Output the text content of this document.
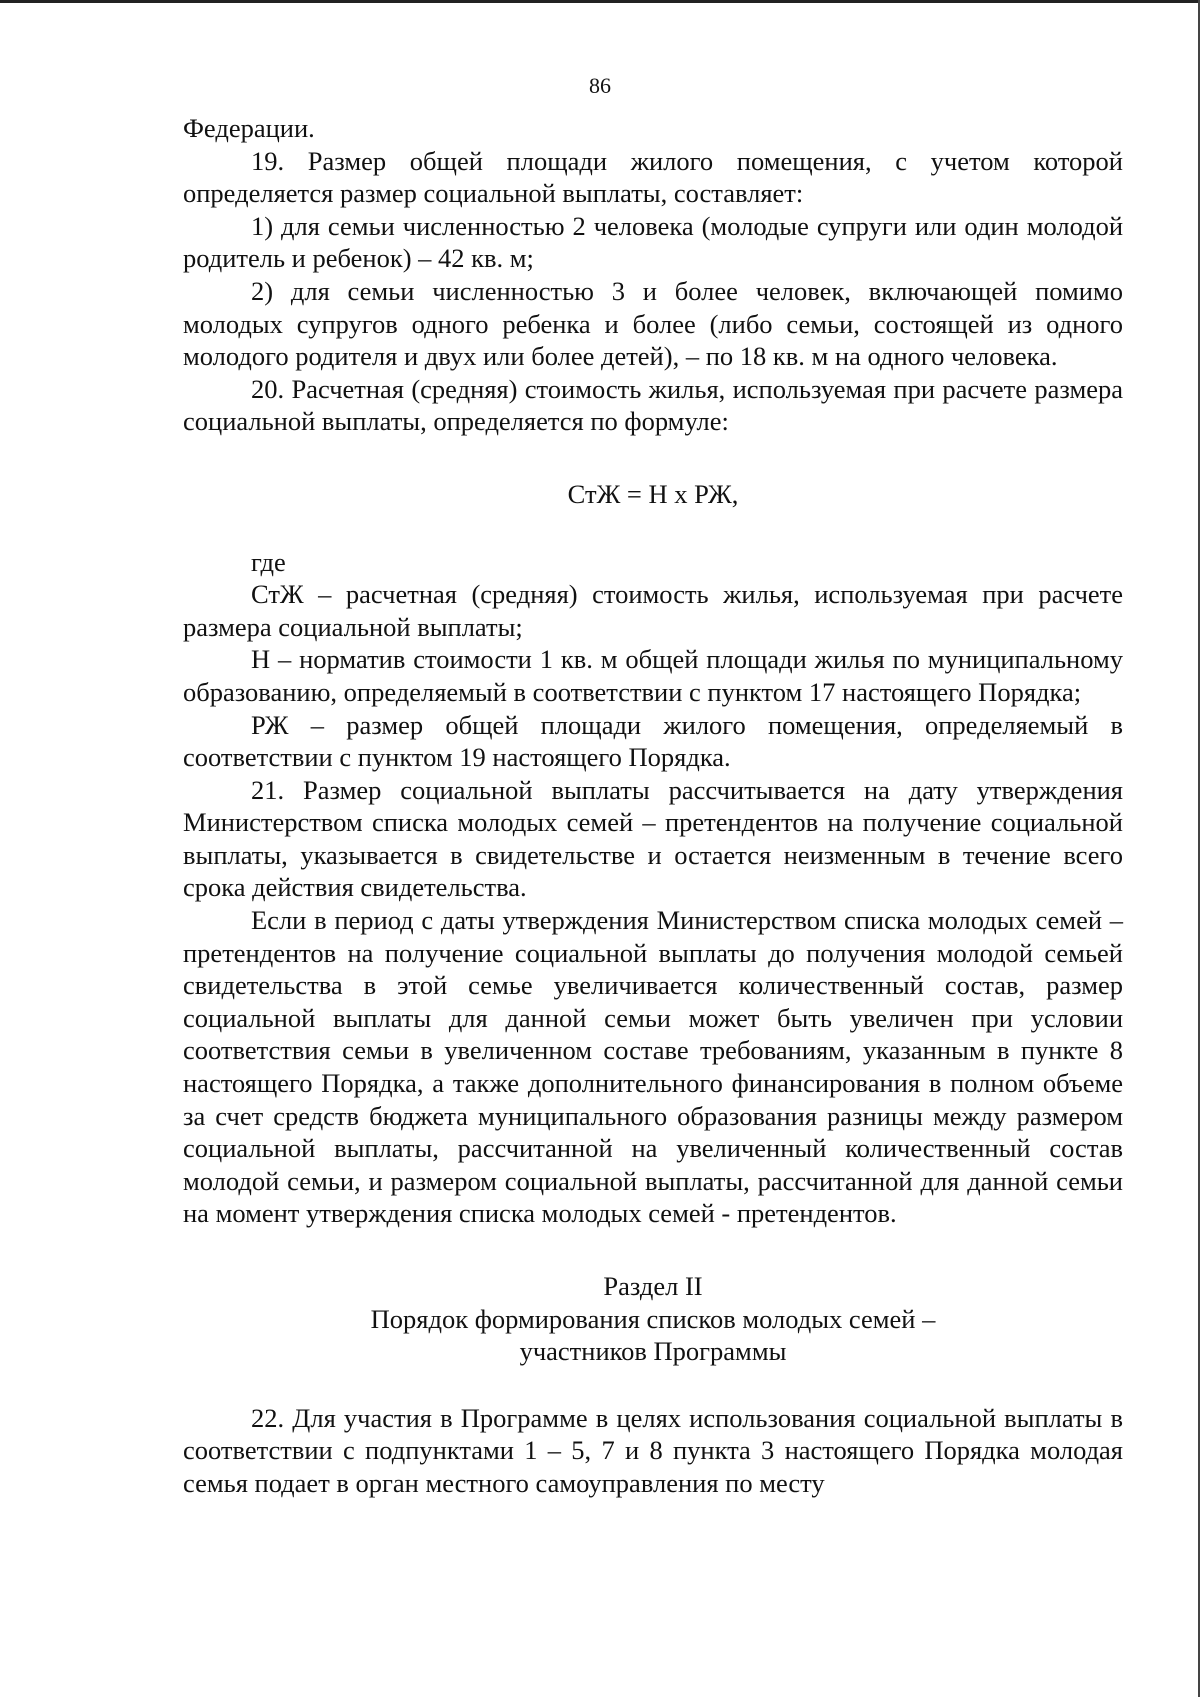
86

Федерации.

19. Размер общей площади жилого помещения, с учетом которой определяется размер социальной выплаты, составляет:

1) для семьи численностью 2 человека (молодые супруги или один молодой родитель и ребенок) – 42 кв. м;

2) для семьи численностью 3 и более человек, включающей помимо молодых супругов одного ребенка и более (либо семьи, состоящей из одного молодого родителя и двух или более детей), – по 18 кв. м на одного человека.

20. Расчетная (средняя) стоимость жилья, используемая при расчете размера социальной выплаты, определяется по формуле:

СтЖ = Н х РЖ,

где

СтЖ – расчетная (средняя) стоимость жилья, используемая при расчете размера социальной выплаты;

Н – норматив стоимости 1 кв. м общей площади жилья по муниципальному образованию, определяемый в соответствии с пунктом 17 настоящего Порядка;

РЖ – размер общей площади жилого помещения, определяемый в соответствии с пунктом 19 настоящего Порядка.

21. Размер социальной выплаты рассчитывается на дату утверждения Министерством списка молодых семей – претендентов на получение социальной выплаты, указывается в свидетельстве и остается неизменным в течение всего срока действия свидетельства.

Если в период с даты утверждения Министерством списка молодых семей – претендентов на получение социальной выплаты до получения молодой семьей свидетельства в этой семье увеличивается количественный состав, размер социальной выплаты для данной семьи может быть увеличен при условии соответствия семьи в увеличенном составе требованиям, указанным в пункте 8 настоящего Порядка, а также дополнительного финансирования в полном объеме за счет средств бюджета муниципального образования разницы между размером социальной выплаты, рассчитанной на увеличенный количественный состав молодой семьи, и размером социальной выплаты, рассчитанной для данной семьи на момент утверждения списка молодых семей - претендентов.

Раздел II

Порядок формирования списков молодых семей –

участников Программы

22. Для участия в Программе в целях использования социальной выплаты в соответствии с подпунктами 1 – 5, 7 и 8 пункта 3 настоящего Порядка молодая семья подает в орган местного самоуправления по месту
